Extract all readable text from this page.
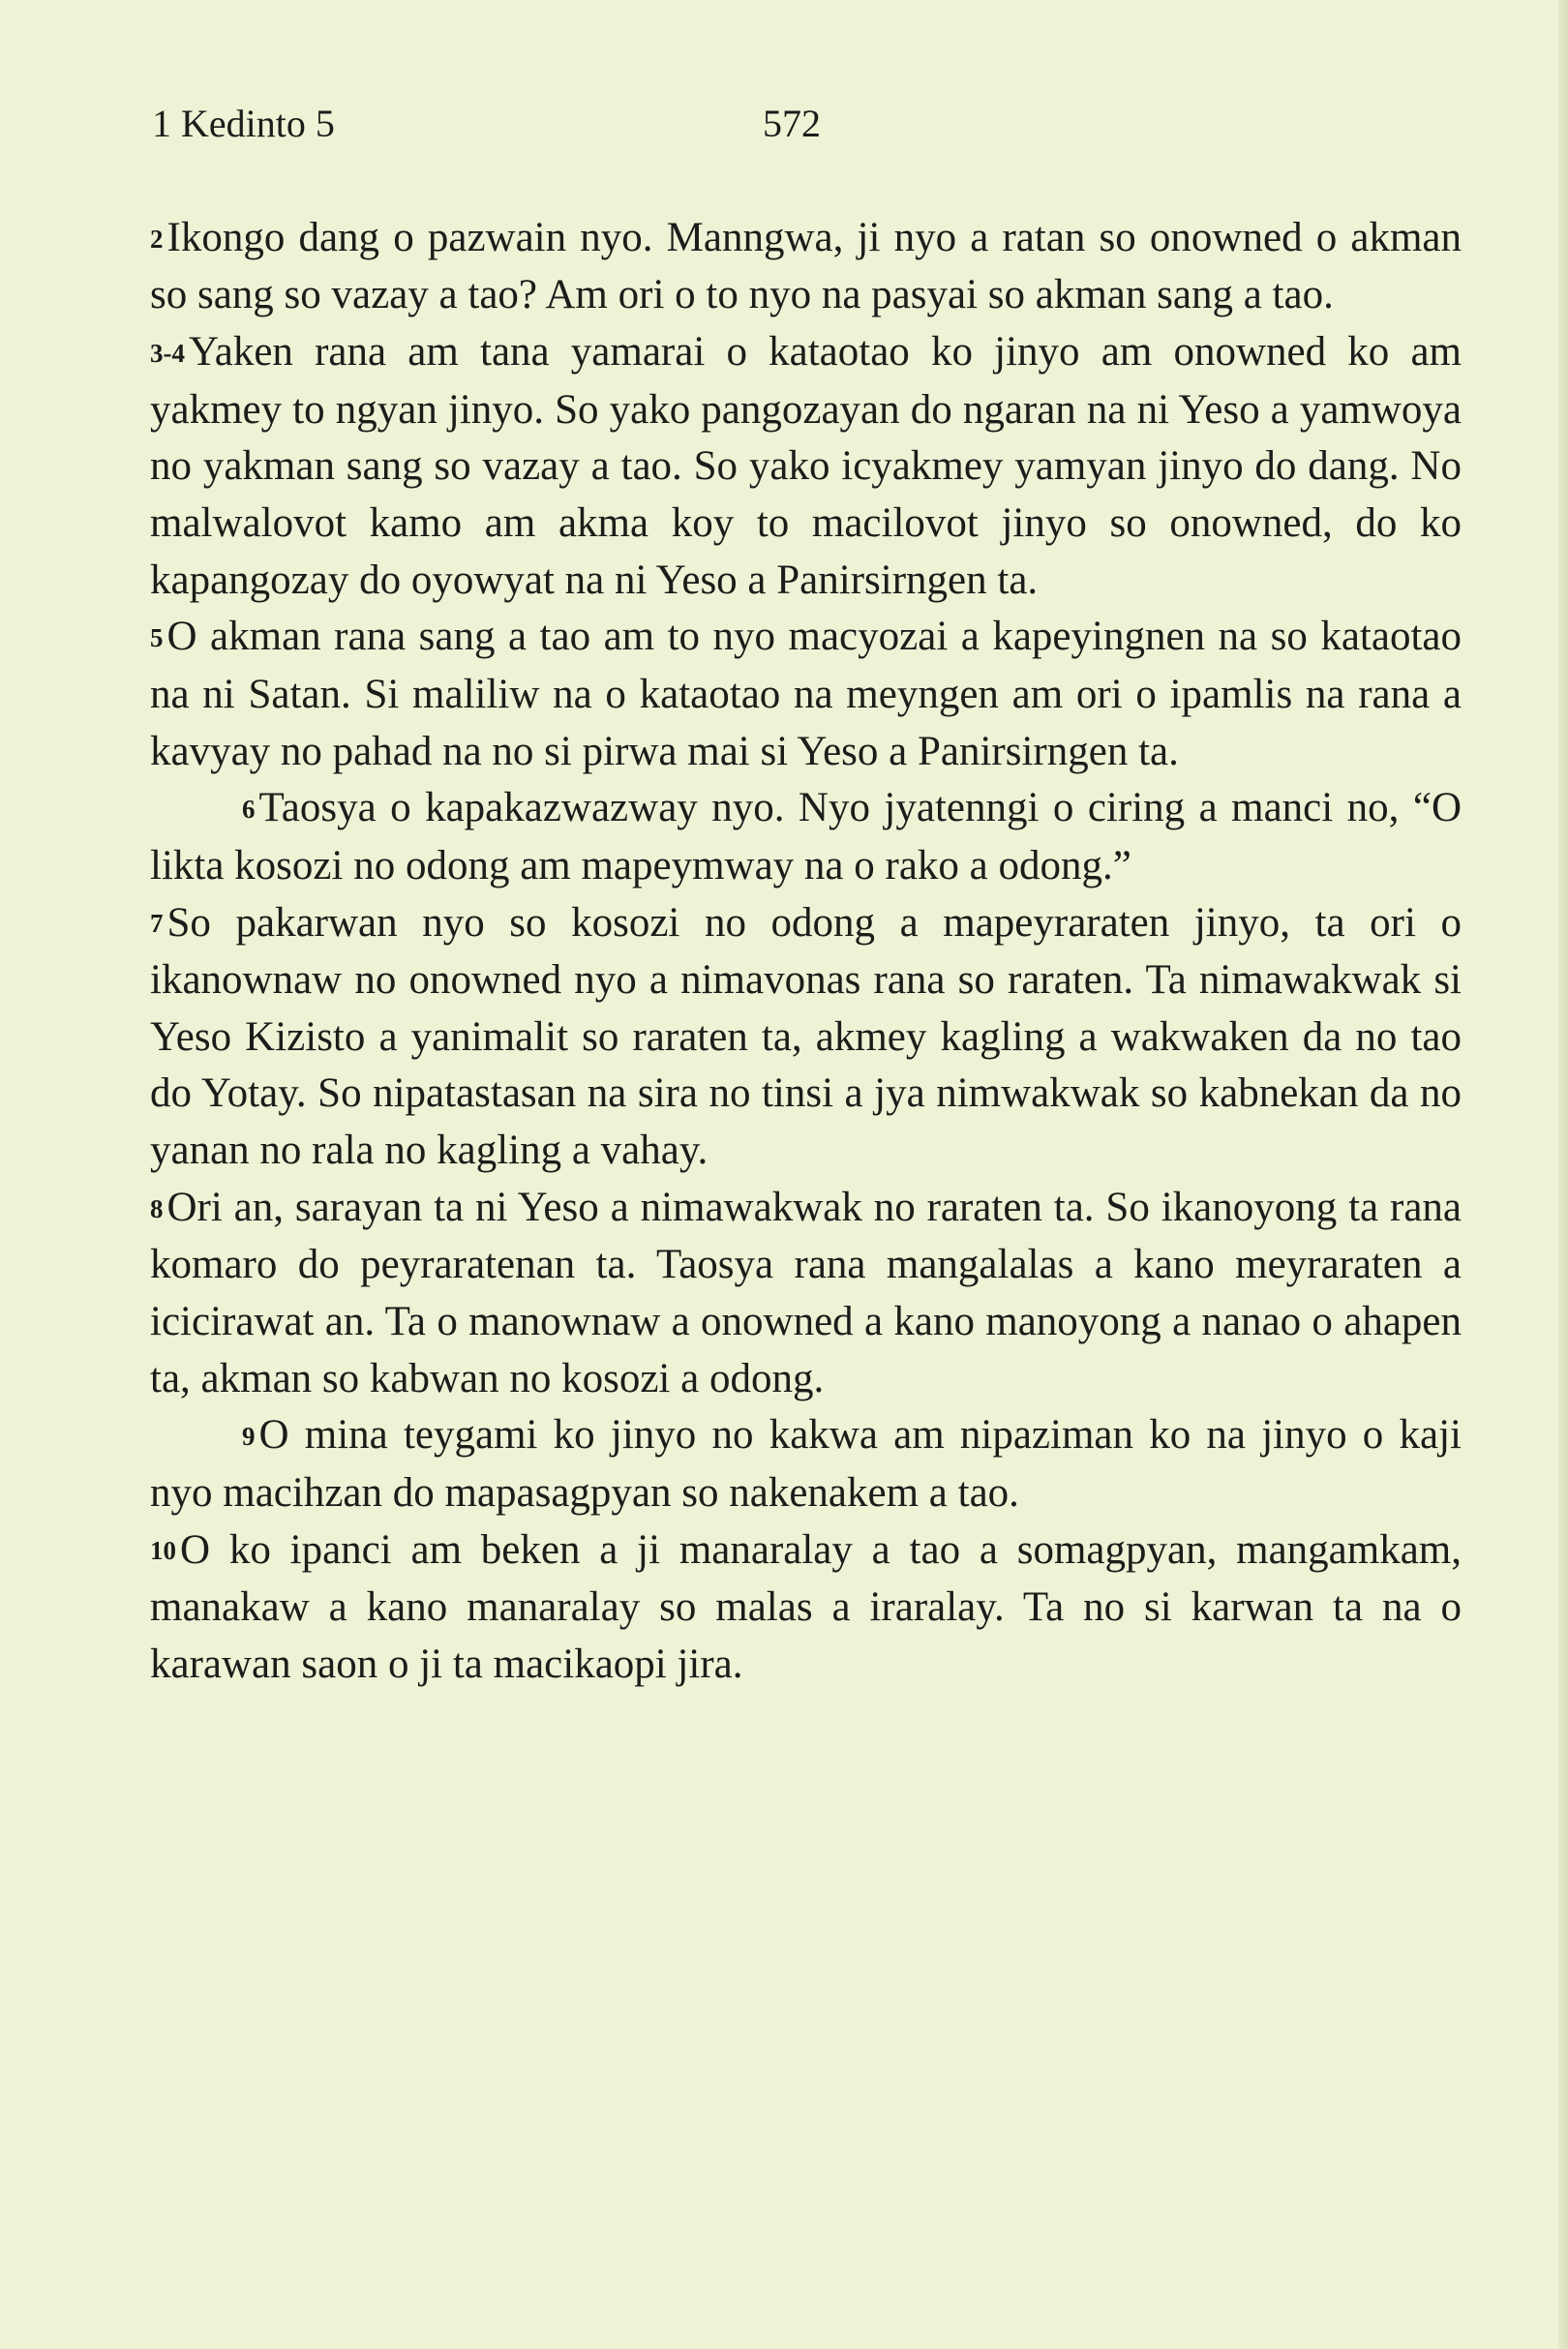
1 Kedinto 5	572

2Ikongo dang o pazwain nyo. Manngwa, ji nyo a ratan so onowned o akman so sang so vazay a tao? Am ori o to nyo na pasyai so akman sang a tao.

3-4Yaken rana am tana yamarai o kataotao ko jinyo am onowned ko am yakmey to ngyan jinyo. So yako pangozayan do ngaran na ni Yeso a yamwoya no yakman sang so vazay a tao. So yako icyakmey yamyan jinyo do dang. No malwalovot kamo am akma koy to macilovot jinyo so onowned, do ko kapangozay do oyowyat na ni Yeso a Panirsirngen ta.

5O akman rana sang a tao am to nyo macyozai a kapeyingnen na so kataotao na ni Satan. Si maliliw na o kataotao na meyngen am ori o ipamlis na rana a kavyay no pahad na no si pirwa mai si Yeso a Panirsirngen ta.

6Taosya o kapakazwazway nyo. Nyo jyatenngi o ciring a manci no, “O likta kosozi no odong am mapeymway na o rako a odong.”

7So pakarwan nyo so kosozi no odong a mapeyraraten jinyo, ta ori o ikanownaw no onowned nyo a nimavonas rana so raraten. Ta nimawakwak si Yeso Kizisto a yanimalit so raraten ta, akmey kagling a wakwaken da no tao do Yotay. So nipatastasan na sira no tinsi a jya nimwakwak so kabnekan da no yanan no rala no kagling a vahay.

8Ori an, sarayan ta ni Yeso a nimawakwak no raraten ta. So ikanoyong ta rana komaro do peyraratenan ta. Taosya rana mangalalas a kano meyraraten a icicirawat an. Ta o manownaw a onowned a kano manoyong a nanao o ahapen ta, akman so kabwan no kosozi a odong.

9O mina teygami ko jinyo no kakwa am nipaziman ko na jinyo o kaji nyo macihzan do mapasagpyan so nakenakem a tao.

10O ko ipanci am beken a ji manaralay a tao a somagpyan, mangamkam, manakaw a kano manaralay so malas a iraralay. Ta no si karwan ta na o karawan saon o ji ta macikaopi jira.
